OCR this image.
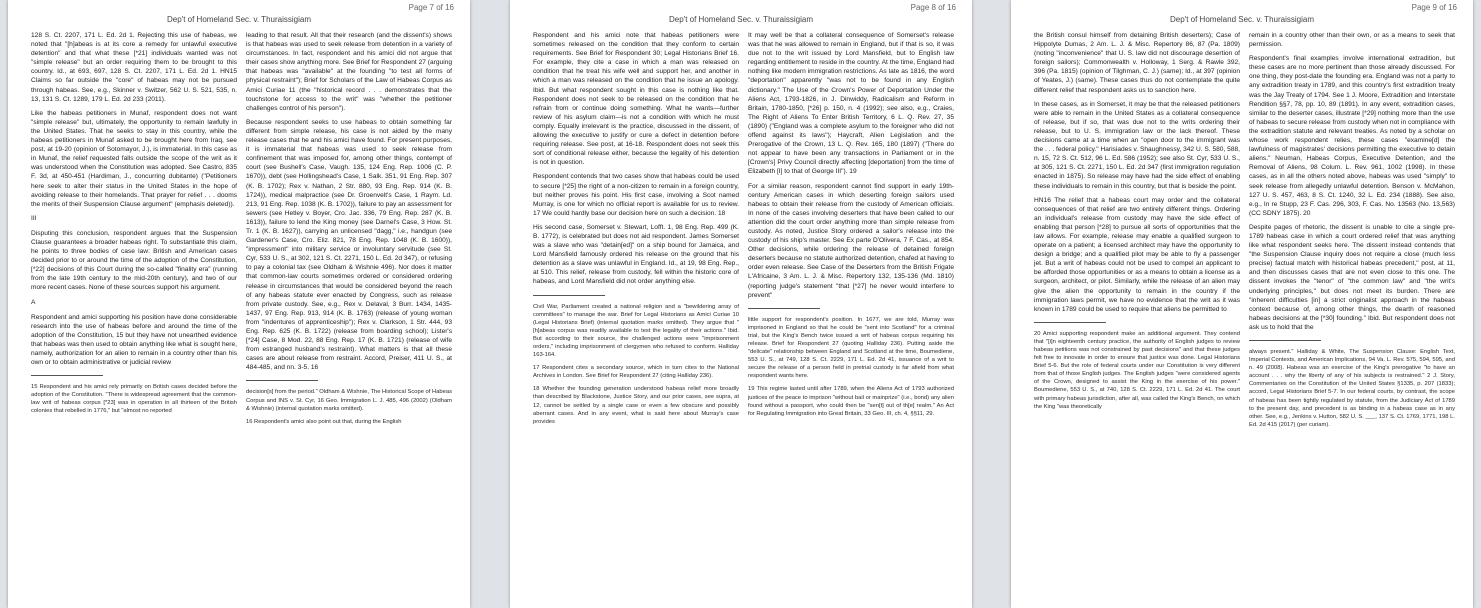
Page 7 of 16
Dep't of Homeland Sec. v. Thuraissigiam

128 S. Ct. 2207, 171 L. Ed. 2d 1. Rejecting this use of habeas, we noted that "[h]abeas is at its core a remedy for unlawful executive detention" and that what these [*21] individuals wanted was not "simple release" but an order requiring them to be brought to this country. Id., at 693, 697, 128 S. Ct. 2207, 171 L. Ed. 2d 1. HN15 Claims so far outside the "core" of habeas may not be pursued through habeas. See, e.g., Skinner v. Switzer, 562 U. S. 521, 535, n. 13, 131 S. Ct. 1289, 179 L. Ed. 2d 233 (2011).

Like the habeas petitioners in Munaf, respondent does not want "simple release" but, ultimately, the opportunity to remain lawfully in the United States. That he seeks to stay in this country, while the habeas petitioners in Munaf asked to be brought here from Iraq, see post, at 19-20 (opinion of Sotomayor, J.), is immaterial. In this case as in Munaf, the relief requested falls outside the scope of the writ as it was understood when the Constitution was adopted. See Castro, 835 F. 3d, at 450-451 (Hardiman, J., concurring dubitante) ("Petitioners here seek to alter their status in the United States in the hope of avoiding release to their homelands. That prayer for relief . . . dooms the merits of their Suspension Clause argument" (emphasis deleted)).

III

Disputing this conclusion, respondent argues that the Suspension Clause guarantees a broader habeas right. To substantiate this claim, he points to three bodies of case law: British and American cases decided prior to or around the time of the adoption of the Constitution, [*22] decisions of this Court during the so-called "finality era" (running from the late 19th century to the mid-20th century), and two of our more recent cases. None of these sources support his argument.

A

Respondent and amici supporting his position have done considerable research into the use of habeas before and around the time of the adoption of the Constitution, 15 but they have not unearthed evidence that habeas was then used to obtain anything like what is sought here, namely, authorization for an alien to remain in a country other than his own or to obtain administrative or judicial review

15 Respondent and his amici rely primarily on British cases decided before the adoption of the Constitution. "There is widespread agreement that the common-law writ of habeas corpus [*23] was in operation in all thirteen of the British colonies that rebelled in 1776," but "almost no reported

leading to that result. All that their research (and the dissent's) shows is that habeas was used to seek release from detention in a variety of circumstances. In fact, respondent and his amici did not argue that their cases show anything more. See Brief for Respondent 27 (arguing that habeas was "available" at the founding "to test all forms of physical restraint"); Brief for Scholars of the Law of Habeas Corpus as Amici Curiae 11 (the "historical record . . . demonstrates that the touchstone for access to the writ" was "whether the petitioner challenges control of his person").

Because respondent seeks to use habeas to obtain something far different from simple release, his case is not aided by the many release cases that he and his amici have found. For present purposes, it is immaterial that habeas was used to seek release from confinement that was imposed for, among other things, contempt of court (see Bushell's Case, Vaugh. 135, 124 Eng. Rep. 1006 (C. P. 1670)), debt (see Hollingshead's Case, 1 Salk. 351, 91 Eng. Rep. 307 (K. B. 1702); Rex v. Nathan, 2 Str. 880, 93 Eng. Rep. 914 (K. B. 1724)), medical malpractice (see Dr. Groenvelt's Case, 1 Raym. Ld. 213, 91 Eng. Rep. 1038 (K. B. 1702)), failure to pay an assessment for sewers (see Hetley v. Boyer, Cro. Jac. 336, 79 Eng. Rep. 287 (K. B. 1613)), failure to lend the King money (see Darnel's Case, 3 How. St. Tr. 1 (K. B. 1627)), carrying an unlicensed "dagg," i.e., handgun (see Gardener's Case, Cro. Eliz. 821, 78 Eng. Rep. 1048 (K. B. 1600)), "impressment" into military service or involuntary servitude (see St. Cyr, 533 U. S., at 302, 121 S. Ct. 2271, 150 L. Ed. 2d 347), or refusing to pay a colonial tax (see Oldham & Wishnie 496). Nor does it matter that common-law courts sometimes ordered or considered ordering release in circumstances that would be considered beyond the reach of any habeas statute ever enacted by Congress, such as release from private custody. See, e.g., Rex v. Delaval, 3 Burr. 1434, 1435-1437, 97 Eng. Rep. 913, 914 (K. B. 1763) (release of young woman from "indentures of apprenticeship"); Rex v. Clarkson, 1 Str. 444, 93 Eng. Rep. 625 (K. B. 1722) (release from boarding school); Lister's [*24] Case, 8 Mod. 22, 88 Eng. Rep. 17 (K. B. 1721) (release of wife from estranged husband's restraint). What matters is that all these cases are about release from restraint. Accord, Preiser, 411 U. S., at 484-485, and nn. 3-5. 16

decision[s] from the period." Oldham & Wishnie, The Historical Scope of Habeas Corpus and INS v. St. Cyr, 16 Geo. Immigration L. J. 485, 496 (2002) (Oldham & Wishnie) (internal quotation marks omitted).

16 Respondent's amici also point out that, during the English

Page 8 of 16
Dep't of Homeland Sec. v. Thuraissigiam

Respondent and his amici note that habeas petitioners were sometimes released on the condition that they conform to certain requirements. See Brief for Respondent 30; Legal Historians Brief 16. For example, they cite a case in which a man was released on condition that he treat his wife well and support her, and another in which a man was released on the condition that he issue an apology. Ibid. But what respondent sought in this case is nothing like that. Respondent does not seek to be released on the condition that he refrain from or continue doing something. What he wants—further review of his asylum claim—is not a condition with which he must comply. Equally irrelevant is the practice, discussed in the dissent, of allowing the executive to justify or cure a defect in detention before requiring release. See post, at 16-18. Respondent does not seek this sort of conditional release either, because the legality of his detention is not in question.

Respondent contends that two cases show that habeas could be used to secure [*25] the right of a non-citizen to remain in a foreign country, but neither proves his point. His first case, involving a Scot named Murray, is one for which no official report is available for us to review. 17 We could hardly base our decision here on such a decision. 18

His second case, Somerset v. Stewart, Lofft. 1, 98 Eng. Rep. 499 (K. B. 1772), is celebrated but does not aid respondent. James Somerset was a slave who was "detain[ed]" on a ship bound for Jamaica, and Lord Mansfield famously ordered his release on the ground that his detention as a slave was unlawful in England. Id., at 19, 98 Eng. Rep., at 510. This relief, release from custody, fell within the historic core of habeas, and Lord Mansfield did not order anything else.

Civil War, Parliament created a national religion and a "bewildering array of committees" to manage the war. Brief for Legal Historians as Amici Curiae 10 (Legal Historians Brief) (internal quotation marks omitted). They argue that "[h]abeas corpus was readily available to test the legality of their actions." Ibid. But according to their source, the challenged actions were "imprisonment orders," including imprisonment of clergymen who refused to conform. Halliday 163-164.

17 Respondent cites a secondary source, which in turn cites to the National Archives in London. See Brief for Respondent 27 (citing Halliday 236).

18 Whether the founding generation understood habeas relief more broadly than described by Blackstone, Justice Story, and our prior cases, see supra, at 12, cannot be settled by a single case or even a few obscure and possibly aberrant cases. And in any event, what is said here about Murray's case provides

It may well be that a collateral consequence of Somerset's release was that he was allowed to remain in England, but if that is so, it was due not to the writ issued by Lord Mansfield, but to English law regarding entitlement to reside in the country. At the time, England had nothing like modern immigration restrictions. As late as 1816, the word "deportation" apparently "was not to be found in any English dictionary." The Use of the Crown's Power of Deportation Under the Aliens Act, 1793-1826, in J. Dinwiddy, Radicalism and Reform in Britain, 1780-1850, [*26] p. 150, n. 4 (1992); see also, e.g., Craies, The Right of Aliens To Enter British Territory, 6 L. Q. Rev. 27, 35 (1890) ("England was a complete asylum to the foreigner who did not offend against its laws"); Haycraft, Alien Legislation and the Prerogative of the Crown, 13 L. Q. Rev. 165, 180 (1897) ("There do not appear to have been any transactions in Parliament or in the [Crown's] Privy Council directly affecting [deportation] from the time of Elizabeth [I] to that of George III"). 19

For a similar reason, respondent cannot find support in early 19th-century American cases in which deserting foreign sailors used habeas to obtain their release from the custody of American officials. In none of the cases involving deserters that have been called to our attention did the court order anything more than simple release from custody. As noted, Justice Story ordered a sailor's release into the custody of his ship's master. See Ex parte D'Olivera, 7 F. Cas., at 854. Other decisions, while ordering the release of detained foreign deserters because no statute authorized detention, chafed at having to order even release. See Case of the Deserters from the British Frigate L'Africaine, 3 Am. L. J. & Misc. Repertory 132, 135-136 (Md. 1810) (reporting judge's statement "that [*27] he never would interfere to prevent"

little support for respondent's position. In 1677, we are told, Murray was imprisoned in England so that he could be "sent into Scotland" for a criminal trial, but the King's Bench twice issued a writ of habeas corpus requiring his release. Brief for Respondent 27 (quoting Halliday 236). Putting aside the "delicate" relationship between England and Scotland at the time, Boumediene, 553 U. S., at 749, 128 S. Ct. 2229, 171 L. Ed. 2d 41, issuance of a writ to secure the release of a person held in pretrial custody is far afield from what respondent wants here.

19 This regime lasted until after 1789, when the Aliens Act of 1793 authorized justices of the peace to imprison "without bail or mainprize" (i.e., bond) any alien found without a passport, who could then be "sen[t] out of th[e] realm." An Act for Regulating Immigration into Great Britain, 33 Geo. III, ch. 4, §§11, 29.

Page 9 of 16
Dep't of Homeland Sec. v. Thuraissigiam

the British consul himself from detaining British deserters); Case of Hippolyte Dumas, 2 Am. L. J. & Misc. Repertory 86, 87 (Pa. 1809) (noting "inconvenience" that U. S. law did not discourage desertion of foreign sailors); Commonwealth v. Holloway, 1 Serg. & Rawle 392, 396 (Pa. 1815) (opinion of Tilghman, C. J.) (same); Id., at 397 (opinion of Yeates, J.) (same). These cases thus do not contemplate the quite different relief that respondent asks us to sanction here.

In these cases, as in Somerset, it may be that the released petitioners were able to remain in the United States as a collateral consequence of release, but if so, that was due not to the writs ordering their release, but to U. S. immigration law or the lack thereof. These decisions came at a time when an "open door to the immigrant was the . . . federal policy." Harisiades v. Shaughnessy, 342 U. S. 580, 588, n. 15, 72 S. Ct. 512, 96 L. Ed. 586 (1952); see also St. Cyr, 533 U. S., at 305, 121 S. Ct. 2271, 150 L. Ed. 2d 347 (first immigration regulation enacted in 1875). So release may have had the side effect of enabling these individuals to remain in this country, but that is beside the point.

HN16 The relief that a habeas court may order and the collateral consequences of that relief are two entirely different things. Ordering an individual's release from custody may have the side effect of enabling that person [*28] to pursue all sorts of opportunities that the law allows. For example, release may enable a qualified surgeon to operate on a patient; a licensed architect may have the opportunity to design a bridge; and a qualified pilot may be able to fly a passenger jet. But a writ of habeas could not be used to compel an applicant to be afforded those opportunities or as a means to obtain a license as a surgeon, architect, or pilot. Similarly, while the release of an alien may give the alien the opportunity to remain in the country if the immigration laws permit, we have no evidence that the writ as it was known in 1789 could be used to require that aliens be permitted to

20 Amici supporting respondent make an additional argument. They contend that "[i]n eighteenth century practice, the authority of English judges to review habeas petitions was not constrained by past decisions" and that these judges felt free to innovate in order to ensure that justice was done. Legal Historians Brief 5-6. But the role of federal courts under our Constitution is very different from that of those English judges. The English judges "were considered agents of the Crown, designed to assist the King in the exercise of his power." Boumediene, 553 U. S., at 740, 128 S. Ct. 2229, 171 L. Ed. 2d 41. The court with primary habeas jurisdiction, after all, was called the King's Bench, on which the King "was theoretically

remain in a country other than their own, or as a means to seek that permission.

Respondent's final examples involve international extradition, but these cases are no more pertinent than those already discussed. For one thing, they post-date the founding era. England was not a party to any extradition treaty in 1789, and this country's first extradition treaty was the Jay Treaty of 1794. See 1 J. Moore, Extradition and Interstate Rendition §§7, 78, pp. 10, 89 (1891). In any event, extradition cases, similar to the deserter cases, illustrate [*29] nothing more than the use of habeas to secure release from custody when not in compliance with the extradition statute and relevant treaties. As noted by a scholar on whose work respondent relies, these cases "examine[d] the lawfulness of magistrates' decisions permitting the executive to detain aliens." Neuman, Habeas Corpus, Executive Detention, and the Removal of Aliens, 98 Colum. L. Rev. 961, 1002 (1998). In these cases, as in all the others noted above, habeas was used "simply" to seek release from allegedly unlawful detention. Benson v. McMahon, 127 U. S. 457, 463, 8 S. Ct. 1240, 32 L. Ed. 234 (1888). See also, e.g., In re Stupp, 23 F. Cas. 296, 303, F. Cas. No. 13563 (No. 13,563) (CC SDNY 1875). 20

Despite pages of rhetoric, the dissent is unable to cite a single pre-1789 habeas case in which a court ordered relief that was anything like what respondent seeks here. The dissent instead contends that "the Suspension Clause inquiry does not require a close (much less precise) factual match with historical habeas precedent," post, at 11, and then discusses cases that are not even close to this one. The dissent invokes the "tenor" of "the common law" and "the writ's underlying principles," but does not meet its burden. There are "inherent difficulties [in] a strict originalist approach in the habeas context because of, among other things, the dearth of reasoned habeas decisions at the [*30] founding." Ibid. But respondent does not ask us to hold that the

always present." Halliday & White, The Suspension Clause: English Text, Imperial Contexts, and American Implications, 94 Va. L. Rev. 575, 594, 595, and n. 49 (2008). Habeas was an exercise of the King's prerogative "to have an account . . . why the liberty of any of his subjects is restrained." 2 J. Story, Commentaries on the Constitution of the United States §1335, p. 207 (1833); accord, Legal Historians Brief 5-7. In our federal courts, by contrast, the scope of habeas has been tightly regulated by statute, from the Judiciary Act of 1789 to the present day, and precedent is as binding in a habeas case as in any other. See, e.g., Jenkins v. Hutton, 582 U. S. ___, 137 S. Ct. 1769, 1771, 198 L. Ed. 2d 415 (2017) (per curiam).
